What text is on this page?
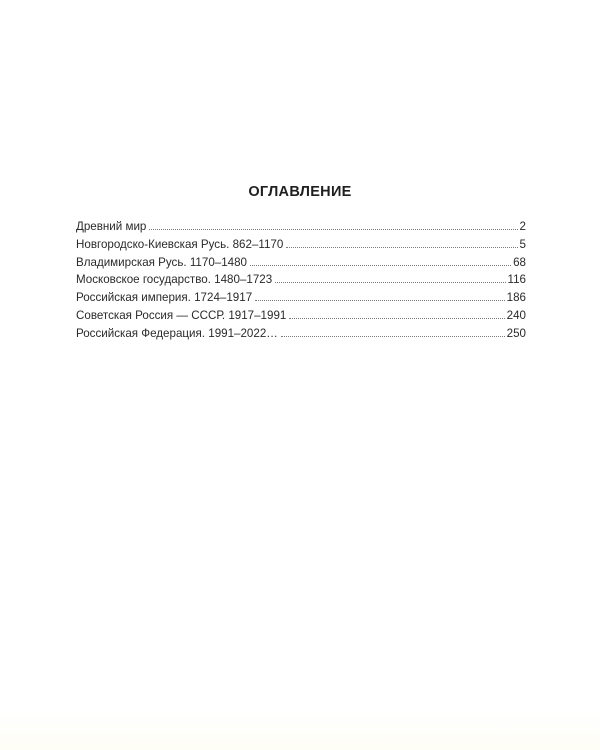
ОГЛАВЛЕНИЕ
Древний мир	2
Новгородско-Киевская Русь. 862–1170	5
Владимирская Русь. 1170–1480	68
Московское государство. 1480–1723	116
Российская империя. 1724–1917	186
Советская Россия — СССР. 1917–1991	240
Российская Федерация. 1991–2022…	250
